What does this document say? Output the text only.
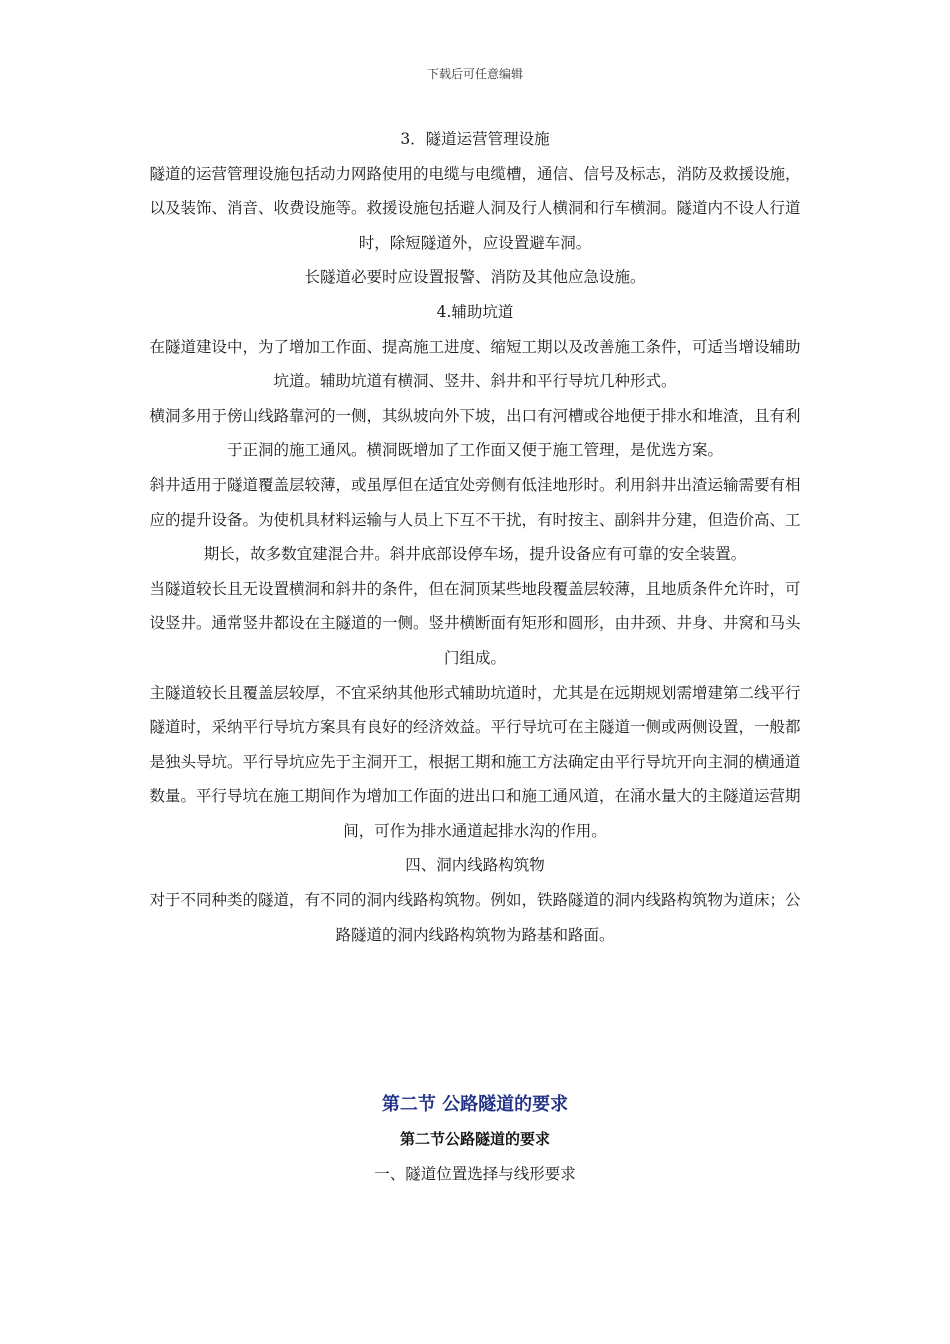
下载后可任意编辑

3．隧道运营管理设施

隧道的运营管理设施包括动力网路使用的电缆与电缆槽，通信、信号及标志，消防及救援设施，以及装饰、消音、收费设施等。救援设施包括避人洞及行人横洞和行车横洞。隧道内不设人行道时，除短隧道外，应设置避车洞。

长隧道必要时应设置报警、消防及其他应急设施。

4.辅助坑道

在隧道建设中，为了增加工作面、提高施工进度、缩短工期以及改善施工条件，可适当增设辅助坑道。辅助坑道有横洞、竖井、斜井和平行导坑几种形式。

横洞多用于傍山线路靠河的一侧，其纵坡向外下坡，出口有河槽或谷地便于排水和堆渣，且有利于正洞的施工通风。横洞既增加了工作面又便于施工管理，是优选方案。

斜井适用于隧道覆盖层较薄，或虽厚但在适宜处旁侧有低洼地形时。利用斜井出渣运输需要有相应的提升设备。为使机具材料运输与人员上下互不干扰，有时按主、副斜井分建，但造价高、工期长，故多数宜建混合井。斜井底部设停车场，提升设备应有可靠的安全装置。

当隧道较长且无设置横洞和斜井的条件，但在洞顶某些地段覆盖层较薄，且地质条件允许时，可设竖井。通常竖井都设在主隧道的一侧。竖井横断面有矩形和圆形，由井颈、井身、井窝和马头门组成。

主隧道较长且覆盖层较厚，不宜采纳其他形式辅助坑道时，尤其是在远期规划需增建第二线平行隧道时，采纳平行导坑方案具有良好的经济效益。平行导坑可在主隧道一侧或两侧设置，一般都是独头导坑。平行导坑应先于主洞开工，根据工期和施工方法确定由平行导坑开向主洞的横通道数量。平行导坑在施工期间作为增加工作面的进出口和施工通风道，在涌水量大的主隧道运营期间，可作为排水通道起排水沟的作用。

四、洞内线路构筑物

对于不同种类的隧道，有不同的洞内线路构筑物。例如，铁路隧道的洞内线路构筑物为道床；公路隧道的洞内线路构筑物为路基和路面。

第二节 公路隧道的要求
第二节公路隧道的要求
一、隧道位置选择与线形要求
